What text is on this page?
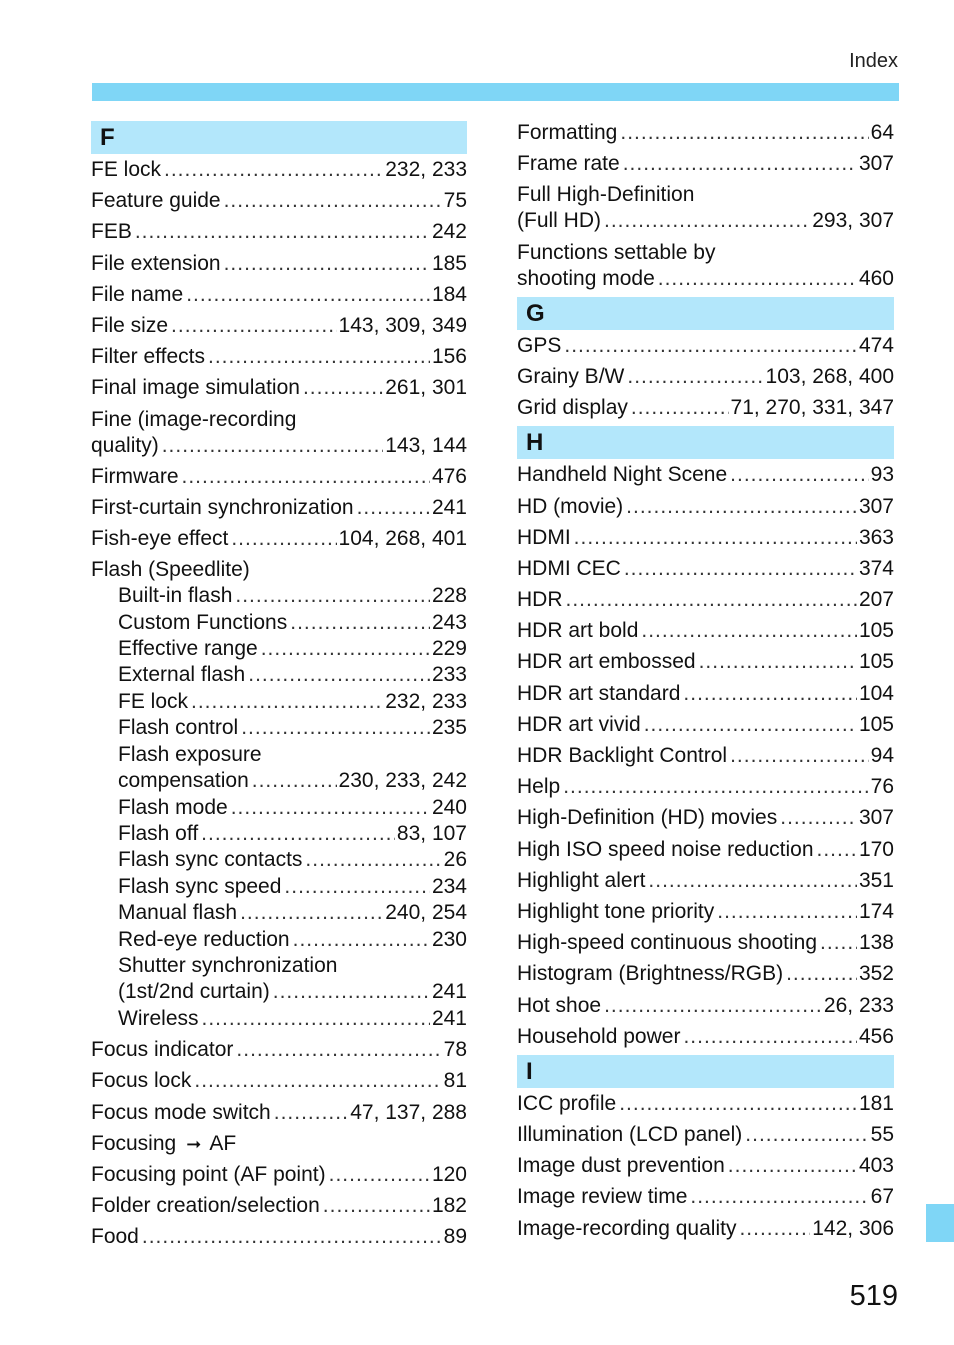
Index
F
FE lock .....	232, 233
Feature guide .....	75
FEB .....	242
File extension .....	185
File name .....	184
File size .....	143, 309, 349
Filter effects .....	156
Final image simulation .....	261, 301
Fine (image-recording
quality) .....	143, 144
Firmware .....	476
First-curtain synchronization .....	241
Fish-eye effect .....	104, 268, 401
Flash (Speedlite)
Built-in flash .....	228
Custom Functions .....	243
Effective range .....	229
External flash .....	233
FE lock .....	232, 233
Flash control .....	235
Flash exposure
compensation .....	230, 233, 242
Flash mode .....	240
Flash off .....	83, 107
Flash sync contacts .....	26
Flash sync speed .....	234
Manual flash .....	240, 254
Red-eye reduction .....	230
Shutter synchronization
(1st/2nd curtain) .....	241
Wireless .....	241
Focus indicator .....	78
Focus lock .....	81
Focus mode switch .....	47, 137, 288
Focusing ➞ AF
Focusing point (AF point) .....	120
Folder creation/selection .....	182
Food .....	89
Formatting .....	64
Frame rate .....	307
Full High-Definition
(Full HD) .....	293, 307
Functions settable by
shooting mode .....	460
G
GPS .....	474
Grainy B/W .....	103, 268, 400
Grid display .....	71, 270, 331, 347
H
Handheld Night Scene .....	93
HD (movie) .....	307
HDMI .....	363
HDMI CEC .....	374
HDR .....	207
HDR art bold .....	105
HDR art embossed .....	105
HDR art standard .....	104
HDR art vivid .....	105
HDR Backlight Control .....	94
Help .....	76
High-Definition (HD) movies .....	307
High ISO speed noise reduction ..... 170
Highlight alert .....	351
Highlight tone priority .....	174
High-speed continuous shooting ..... 138
Histogram (Brightness/RGB) .....	352
Hot shoe .....	26, 233
Household power .....	456
I
ICC profile .....	181
Illumination (LCD panel) .....	55
Image dust prevention .....	403
Image review time .....	67
Image-recording quality .....	142, 306
519
